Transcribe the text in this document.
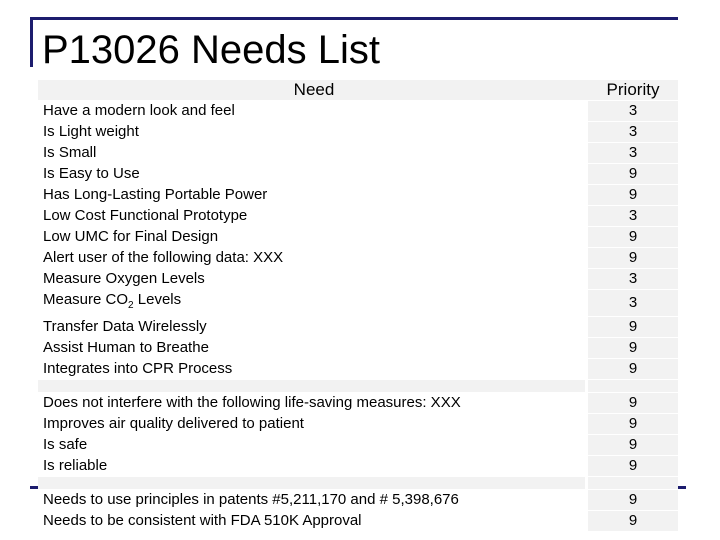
P13026 Needs List
Need		Priority
Have a modern look and feel		3
Is Light weight		3
Is Small		3
Is Easy to Use		9
Has Long-Lasting Portable Power		9
Low Cost Functional Prototype		3
Low UMC for Final Design		9
Alert user of the following data: XXX		9
Measure Oxygen Levels		3
Measure $CO_2$ Levels		3
Transfer Data Wirelessly		9
Assist Human to Breathe		9
Integrates into CPR Process		9

Does not interfere with the following life-saving measures: XXX		9
Improves air quality delivered to patient		9
Is safe		9
Is reliable		9

Needs to use principles in patents #5,211,170 and # 5,398,676		9
Needs to be consistent with FDA 510K Approval		9
